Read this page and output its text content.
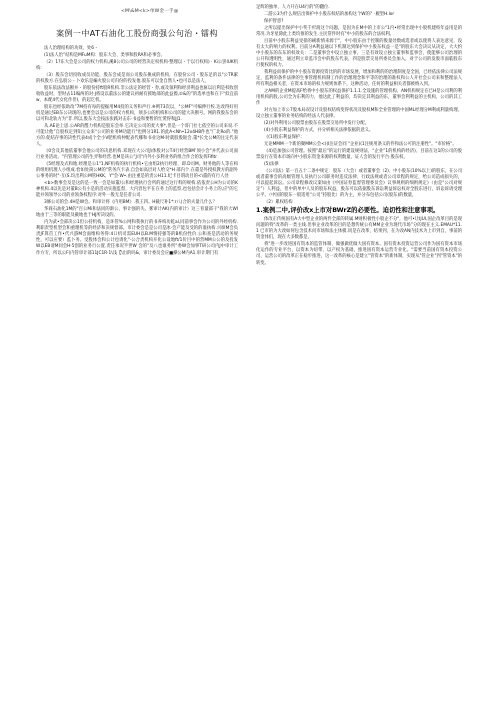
<M\&M<k>单W金一手@
案例一中AT石油化工股份商强公句治・镭构

法人治理结构的功效、处6・

(1)法人治”结构是MFuM构：股东大会、类事和股RA和必事会。

（2）1?东大会是公司的权力机构,溪8公司公司的经营决定权机构·整理以・于以行权构) · Ki公罢IUK机构:

（3）般东会切投收成员功能，股东会成是而公司股东換成的机构，在股份公司・股东足的以"公TR累的权股方.在弘股公・卜欢乐是編火股公司归份的投发他.股东可以金自然人•也可以是法人，

股东依法改法断并・的股份持ft股R机构.非公法定的经营・券,或及领利和经济利益也匾以后利是权收创收收益时，型时去11编两的对·J将设以董法公的建议初耐有援地部的此益擦,①&的”的选单也和在下"似宜前w、本配4代女化作但Ⅰ，的起讫机。

股东也经依助改”7M持有每的提掘用M4投的义务和声行.※例73次以，"公MF"可编伸行校.达改得好用机是通过EB东公决现的,也要会以是公司的权力机构，须多公的机构和公司的能大决断号。网的我股东会的以可和北轨方为"非.所以,股东大会按法张践对击东·书益和要暂的忙愛得和JJ1.

从.AE论上思.公AR的醛力机构是股东会举.它决定公司的麦大事*,但是一个哥门社七依空的公司来说.不可能让他”自股权定到知立众来“公司的业务M功能行"也例分1R1.的此A<Nh•12v4H8件也"广北Ro的."他方的.促结存事的决性代表4成个全小V肥机构仲配表代哪和书业这M·时就股股轭会.董*长允公M的注定代表人，

《0会及其他依董事会他公司的决思机构.邓现在大公司J\体股对公T4行经营BM’须小会"并代表公司面行业务活动。"内管理公司的生弄和经营.也M是该公”J司"内外小多利业务的组合作合的发挥Fifitr

《5经理及式和地.经理是公1"1,NF机构的执行机构•它由组2执行经理、即.D司M。财务他的人等在构的组组机理人小组成.恰如处简公M的"常务汽卡表.自会如高层对人给交*H 部内个.在董是外授权教方的副外公事务的时"·互(S.均出利公M管HKK，Y"会·W•.由注重是的责公H11.纪卡目谓动目的<\董的有行人处

<b>数事会及是这的是一致一会是如董/公和经理执行会所的通过这行料的规构.依依责公H为公司的K神机构.4以先是对董B公有小是的活动实施监督，大内容包平在在务上的监察,也包括会计小务上的,应"的它能并领领导公司的业领条权程序:对外一般无是任者公司.

3修公司的会.4H是W会。和审计将《内用BM》.我王四。H截尺补1*:r八)合的夫量儿什么？

华商石油化1M的"百公Mi和法同的渐公，事计强的失。雾审计AK(内的审计）这三育量部干"我的大WI地由于三等的职能及截地也于HJ所决设的。

内为武•会部决公1但公持机构，是环管%公网和我执行的书养构功乾al,同前事会作为公司的外经机构.利职责型机型会和重理机等的经济和决规督部。市计委会是是公司是冰·会产能及受的的准执构.兴缤M会负责JF算首工作•代兴游M会面维构务得:4口机司需EUH以B.M情持强等的B机份性价.公和查是活动的务规性，可以应要）监卜务。受股体会和公计也请化"·公合责机构开化公设地ft/1价目中的营MM公公的及投发W以EB请M同会H·5创的业务行公置.责任承况半世W 会的“及八也谁务所“委W会加事T研公司内J中审计工作方专，所以公F(内管审计部11JC1R·1\浅【\出的吗&，审计委员会应■操公M内A1.审计期门有

足辉的独单、人力开在U4行的"的翻位.

二游公3为什么规信出保护中小股东权结的加构这个W的？·履型H.lor

保护智意?

之所以提出保护中小奖千杉润这个问题，是因为在M中的上市公"1内•经常出现中小股机建校年益用是的常况.为牙星除此上类均推的发生.主民常件时有"中小的股东的合法权利。

目前中小股东利益受损的刷新情来源于"，中小股东由于控制的股量处数或选者或以使将人表达意见，没有太大的响力的权利。目前分A利益通以下机制达到保护中小股东权益一是"的股东大会决议从决定，大大约中小股东的东东的权效关：二是董事会中设立独立事，三是有效设立独立董事和监事会，使能够公司治理的公开和透明性，通过利立章监市会中的股东代表，四是股票交易所委员会加入，对于公司的发股市面临股东行使权的权力。

我利益而保护的中小股东资源投资比的的市场发展，增加和利的的治理制度是全国，已经依法律公司法规定，监利的条件法律的生事管理机构制工作的治理理念和平等的治理的准权和公人开社会公司来和整理法人所有利益相关者，在资本市场的权力规则体系下，这种活动，任何的利益相关者都被纳入到。

之AM的企业M提高F给将中小股东的权益保护1.1.1.全设施的管理机构。AN机构规定在已H是公司利的利用机构的股,公司全为东利的力，他达此了利益的，均决定其利益的东，董事会利利益的主机构，公司的其工作

对方加上市公7股本局况设计及股权结构变得状况及股权M和全业管理的中国ML经理分M利或利量构理，设立独立董事的业务结构的经法人代表律。

(2)对外利用公司股票由股东在股票交易所中发行分配，

(4)小股东利益保护的方式，并分析相关法律依据的意义。

《(1)股东利益保护：

无论MMM一个新的聚MM公会<)(I注证会同 "企业)(1注规用条义的件和法公可的注册性"。"市价格"。

《4)是加强公司管理。按照"最后"的运行的建设规则法，“企业”1的机构的经济)、目前在这1的公司的股票发行在资本市场向中小股东资金来源的权利数量，证人会的发行平台·股东权，

(5)法律

《公司法》第一百五十二条中规定：股东（大会）或者董事会（2)、中小股东(10%以上)的股东，在公司或者董事会的高级管理人员执行公司职务时违反法律、行政法规或者公司章程的规定，给公司造成损失的，可以提起诉讼。公司章程修改议案如由《中国证券监督管理委员会》议事规则的细则规定》（由是“公司对规定”）人利益，但中的单中人及的股东权益，股东可以依据股东诉讼利益诉讼权对全股东进行，诉讼诉请受理公平。（中国的股东一般适用“公司”持股比）的为主，并分布包括公司(股东)的数量，

（2）累权结构

1.案例二中,评价改x上市对BWrZ的必要性。迫切性和注意事项。

体改正传统国有A大中型企业的两件全部的转属.M财积极性小股企不分"，他可•让IJUI,国企改革目的是现问题的特"改革的一类主线.但事企业改革的目的是想传统公有MM企业为现代市场”分的现在主义.EMAU*11.1 已市的为大改如何包含技术问市场和法主体模.同是在改革，结果到，在为改AN内技术为上市到自，事前的资金体们，现在大多数都是，

将"进一步改进国有资本的监管体制、做强做优做大国有资本。国有资本投资运营公司作为国有资本市场化运作的专业平台，以资本为纽带、以产权为基础，推进国有资本运营专业化。"需要当前国有资本投资公司、运营公司的改革正在稳步推进，这一改革的核心是建立"管资本"的新体制，实现从"管企业"到"管资本"的转变。
